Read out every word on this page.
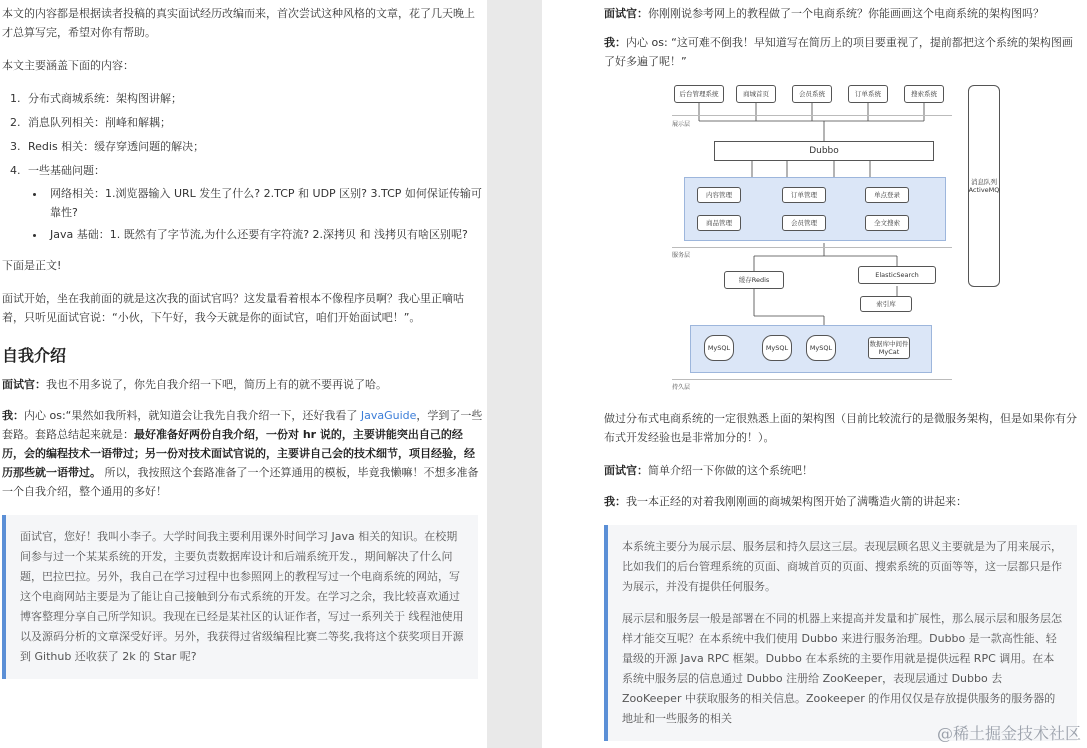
本文的内容都是根据读者投稿的真实面试经历改编而来，首次尝试这种风格的文章，花了几天晚上才总算写完，希望对你有帮助。

本文主要涵盖下面的内容：

1. 分布式商城系统：架构图讲解；
2. 消息队列相关：削峰和解耦；
3. Redis 相关：缓存穿透问题的解决；
4. 一些基础问题：
• 网络相关：1.浏览器输入 URL 发生了什么? 2.TCP 和 UDP 区别? 3.TCP 如何保证传输可靠性?
• Java 基础：1. 既然有了字节流,为什么还要有字符流? 2.深拷贝 和 浅拷贝有啥区别呢?

下面是正文!

面试开始，坐在我前面的就是这次我的面试官吗？这发量看着根本不像程序员啊？我心里正嘀咕着，只听见面试官说：“小伙，下午好，我今天就是你的面试官，咱们开始面试吧！”。

自我介绍

面试官：我也不用多说了，你先自我介绍一下吧，简历上有的就不要再说了哈。

我：内心 os:“果然如我所料，就知道会让我先自我介绍一下，还好我看了 JavaGuide，学到了一些套路。套路总结起来就是：最好准备好两份自我介绍，一份对 hr 说的，主要讲能突出自己的经历，会的编程技术一语带过；另一份对技术面试官说的，主要讲自己会的技术细节，项目经验，经历那些就一语带过。 所以，我按照这个套路准备了一个还算通用的模板，毕竟我懒嘛！不想多准备一个自我介绍，整个通用的多好！

面试官，您好！我叫小李子。大学时间我主要利用课外时间学习 Java 相关的知识。在校期间参与过一个某某系统的开发，主要负责数据库设计和后端系统开发.，期间解决了什么问题，巴拉巴拉。另外，我自己在学习过程中也参照网上的教程写过一个电商系统的网站，写这个电商网站主要是为了能让自己接触到分布式系统的开发。在学习之余，我比较喜欢通过博客整理分享自己所学知识。我现在已经是某社区的认证作者，写过一系列关于 线程池使用以及源码分析的文章深受好评。另外，我获得过省级编程比赛二等奖,我将这个获奖项目开源到 Github 还收获了 2k 的 Star 呢?

面试官：你刚刚说参考网上的教程做了一个电商系统？你能画画这个电商系统的架构图吗？

我：内心 os: “这可难不倒我！早知道写在简历上的项目要重视了，提前都把这个系统的架构图画了好多遍了呢！”

后台管理系统	商城首页	会员系统	订单系统	搜索系统
展示层
Dubbo
内容管理	订单管理	单点登录
商品管理	会员管理	全文搜索
服务层
缓存Redis
ElasticSearch
索引库
MySQL	MySQL	MySQL	数据库中间件
MyCat
持久层
消息队列
ActiveMQ

做过分布式电商系统的一定很熟悉上面的架构图（目前比较流行的是微服务架构，但是如果你有分布式开发经验也是非常加分的！）。

面试官：简单介绍一下你做的这个系统吧！

我：我一本正经的对着我刚刚画的商城架构图开始了满嘴造火箭的讲起来：

本系统主要分为展示层、服务层和持久层这三层。表现层顾名思义主要就是为了用来展示，比如我们的后台管理系统的页面、商城首页的页面、搜索系统的页面等等，这一层都只是作为展示，并没有提供任何服务。

展示层和服务层一般是部署在不同的机器上来提高并发量和扩展性，那么展示层和服务层怎样才能交互呢？在本系统中我们使用 Dubbo 来进行服务治理。Dubbo 是一款高性能、轻量级的开源 Java RPC 框架。Dubbo 在本系统的主要作用就是提供远程 RPC 调用。在本系统中服务层的信息通过 Dubbo 注册给 ZooKeeper，表现层通过 Dubbo 去 ZooKeeper 中获取服务的相关信息。Zookeeper 的作用仅仅是存放提供服务的服务器的地址和一些服务的相关

@稀土掘金技术社区
